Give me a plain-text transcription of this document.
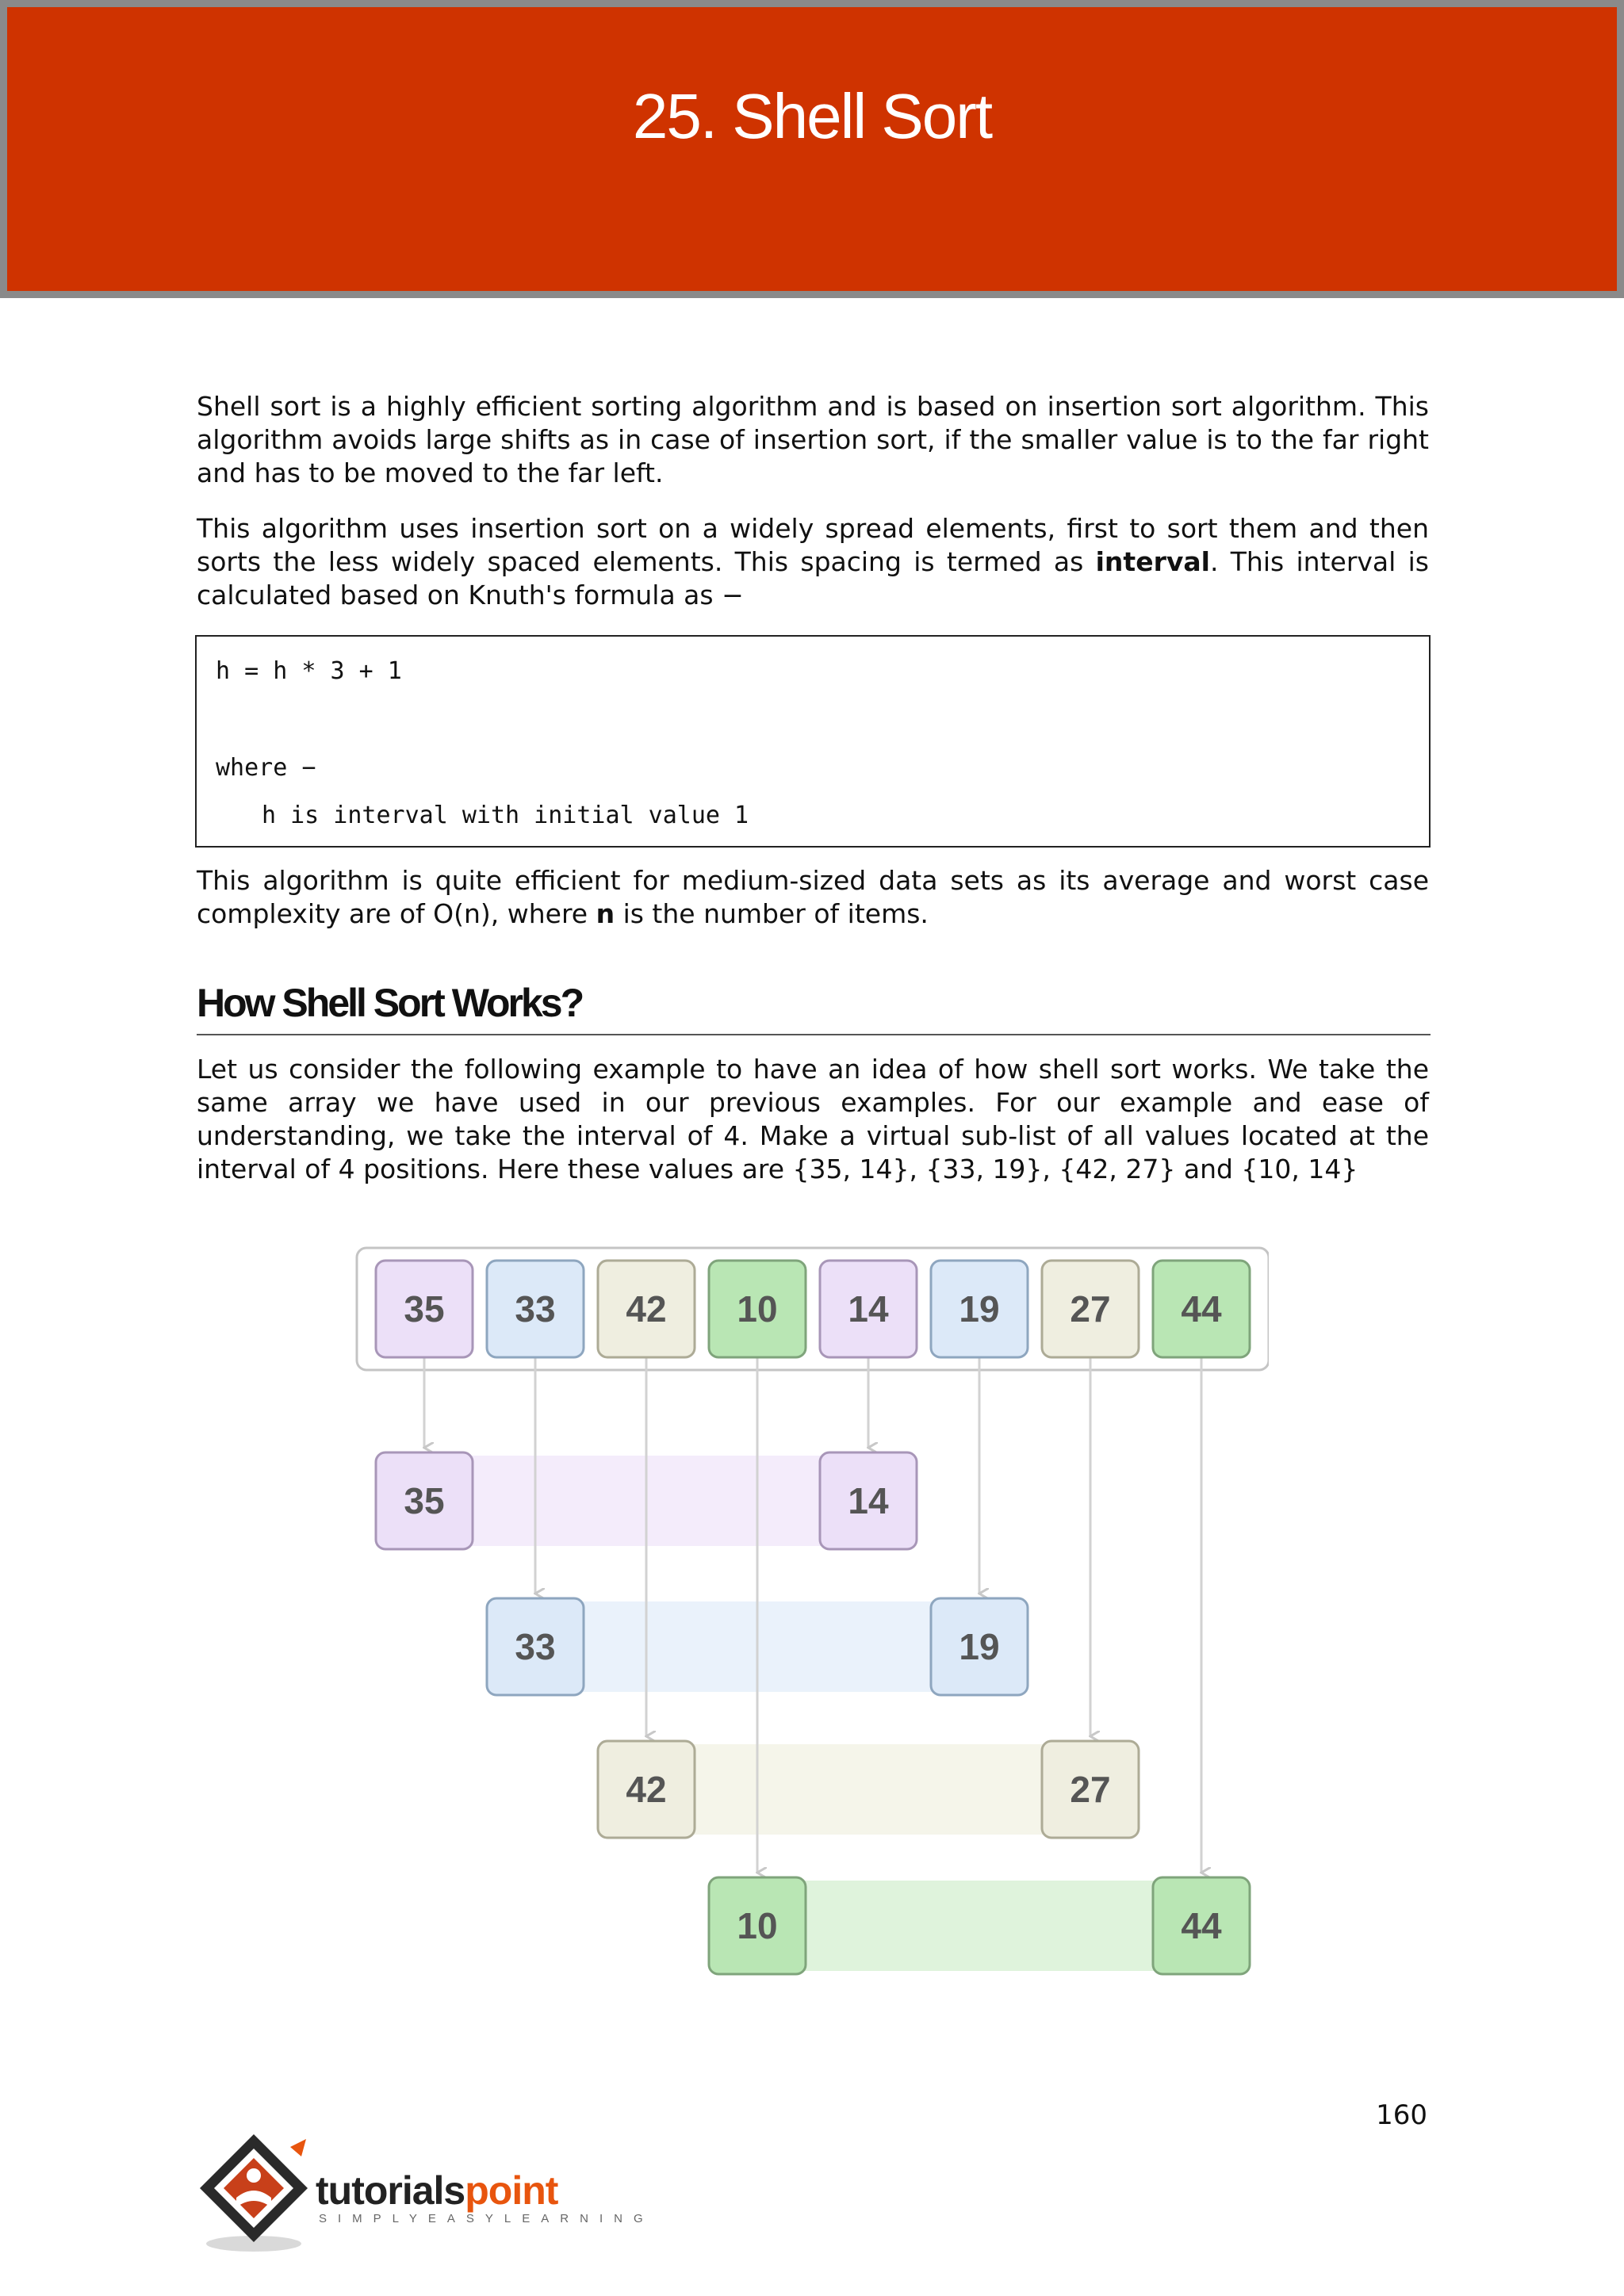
25. Shell Sort

Shell sort is a highly efficient sorting algorithm and is based on insertion sort algorithm. This algorithm avoids large shifts as in case of insertion sort, if the smaller value is to the far right and has to be moved to the far left.

This algorithm uses insertion sort on a widely spread elements, first to sort them and then sorts the less widely spaced elements. This spacing is termed as interval. This interval is calculated based on Knuth's formula as −

h = h * 3 + 1
where −
h is interval with initial value 1

This algorithm is quite efficient for medium-sized data sets as its average and worst case complexity are of O(n), where n is the number of items.

How Shell Sort Works?

Let us consider the following example to have an idea of how shell sort works. We take the same array we have used in our previous examples. For our example and ease of understanding, we take the interval of 4. Make a virtual sub-list of all values located at the interval of 4 positions. Here these values are {35, 14}, {33, 19}, {42, 27} and {10, 14}

35 33 42 10 14 19 27 44
35	14
33	19
42	27
10	44
160
tutorialspoint
SIMPLYEASYLEARNING
